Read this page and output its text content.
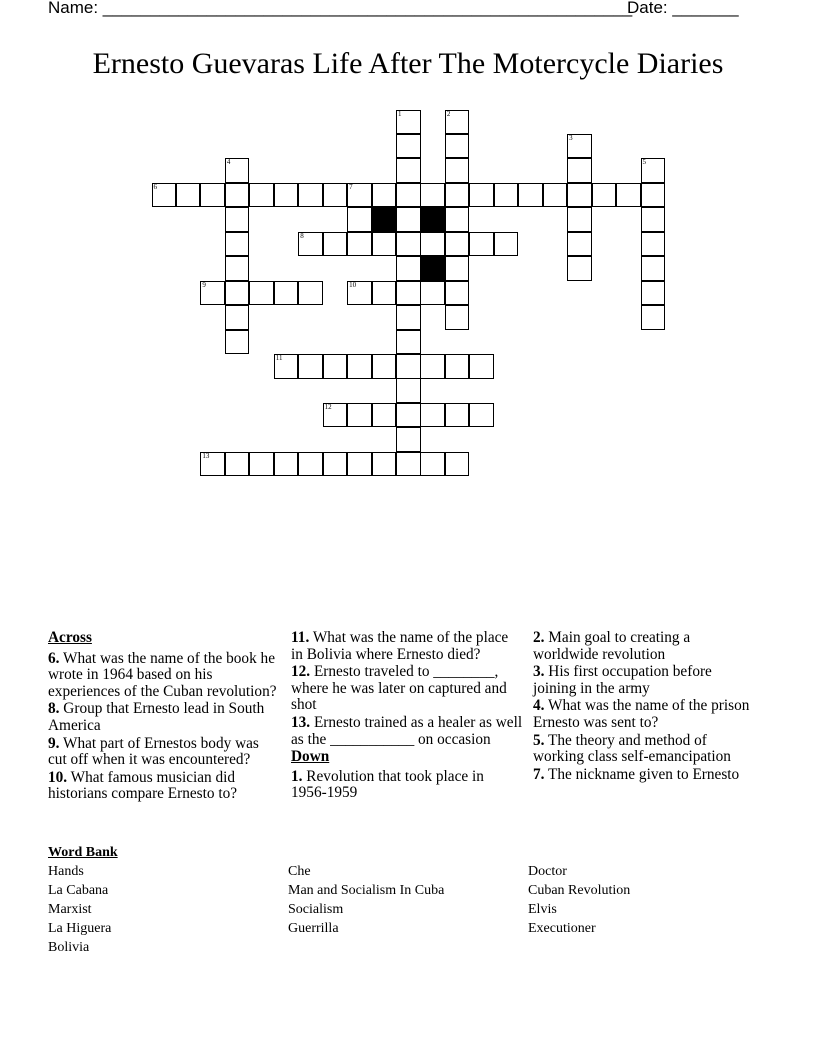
Name: ________________________________________________________
Date: _______
Ernesto Guevaras Life After The Motercycle Diaries
1	2
3
4	5
6	7
8
9	10
11
12
13
Across
6. What was the name of the book he wrote in 1964 based on his experiences of the Cuban revolution?
8. Group that Ernesto lead in South America
9. What part of Ernestos body was cut off when it was encountered?
10. What famous musician did historians compare Ernesto to?
11. What was the name of the place in Bolivia where Ernesto died?
12. Ernesto traveled to ________, where he was later on captured and shot
13. Ernesto trained as a healer as well as the ___________ on occasion
Down
1. Revolution that took place in 1956-1959
2. Main goal to creating a worldwide revolution
3. His first occupation before joining in the army
4. What was the name of the prison Ernesto was sent to?
5. The theory and method of working class self-emancipation
7. The nickname given to Ernesto
Word Bank
Hands
La Cabana
Marxist
La Higuera
Bolivia
Che
Man and Socialism In Cuba
Socialism
Guerrilla
Doctor
Cuban Revolution
Elvis
Executioner
